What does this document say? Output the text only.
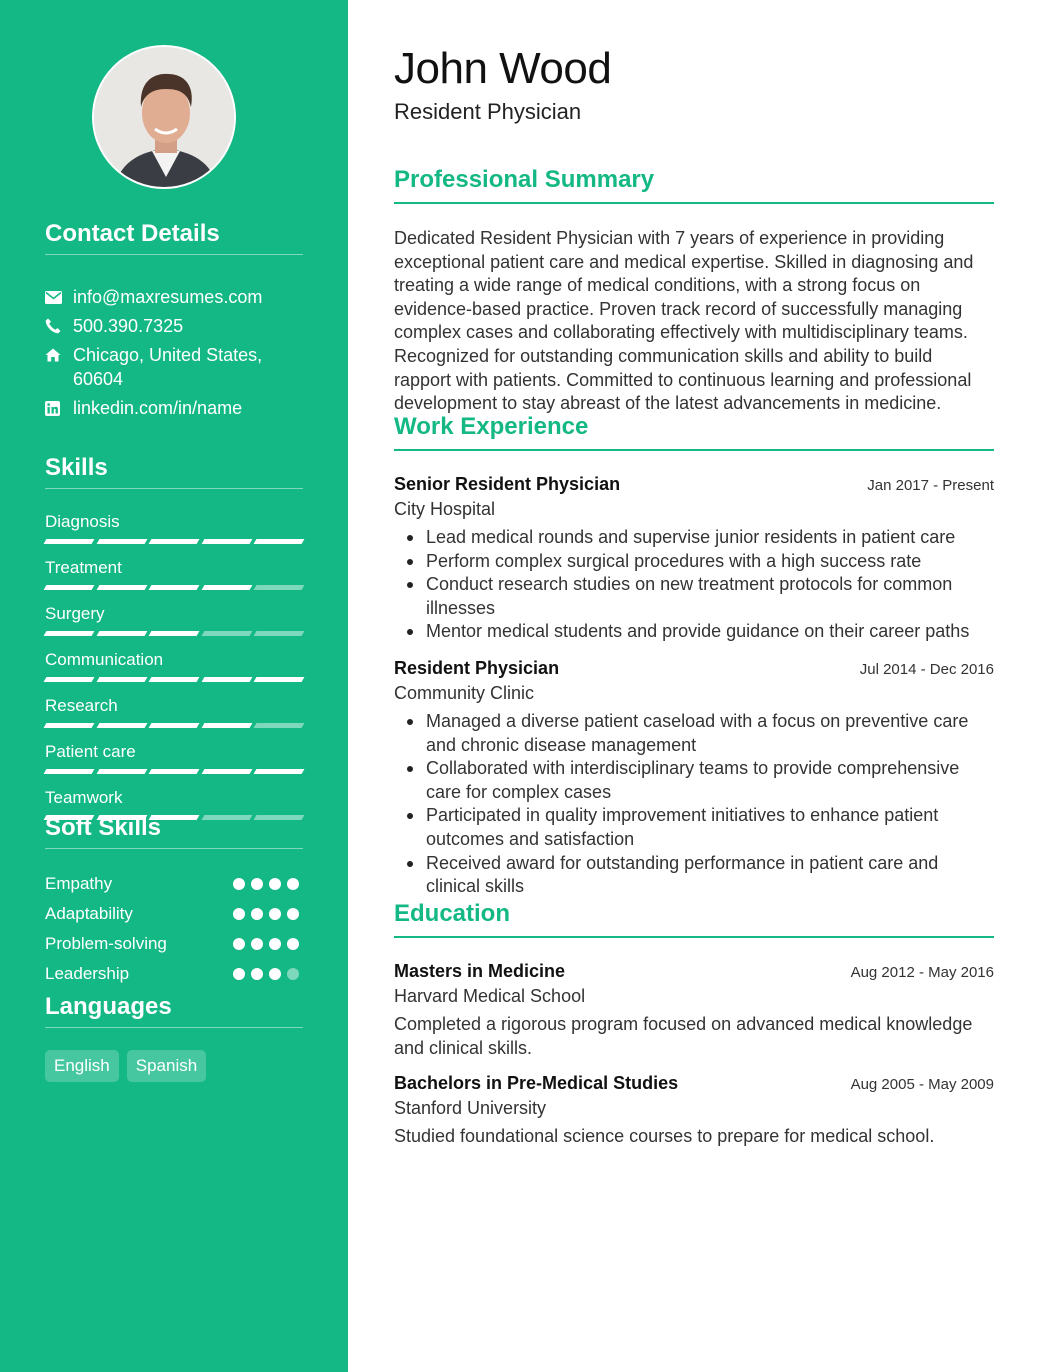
Contact Details
info@maxresumes.com
500.390.7325
Chicago, United States, 60604
linkedin.com/in/name
Skills
Diagnosis
Treatment
Surgery
Communication
Research
Patient care
Teamwork
Soft Skills
Empathy
Adaptability
Problem-solving
Leadership
Languages
English	Spanish
John Wood
Resident Physician
Professional Summary

Dedicated Resident Physician with 7 years of experience in providing exceptional patient care and medical expertise. Skilled in diagnosing and treating a wide range of medical conditions, with a strong focus on evidence-based practice. Proven track record of successfully managing complex cases and collaborating effectively with multidisciplinary teams. Recognized for outstanding communication skills and ability to build rapport with patients. Committed to continuous learning and professional development to stay abreast of the latest advancements in medicine.

Work Experience
Senior Resident Physician	Jan 2017 - Present
City Hospital
Lead medical rounds and supervise junior residents in patient care
Perform complex surgical procedures with a high success rate
Conduct research studies on new treatment protocols for common illnesses
Mentor medical students and provide guidance on their career paths
Resident Physician	Jul 2014 - Dec 2016
Community Clinic
Managed a diverse patient caseload with a focus on preventive care and chronic disease management
Collaborated with interdisciplinary teams to provide comprehensive care for complex cases
Participated in quality improvement initiatives to enhance patient outcomes and satisfaction
Received award for outstanding performance in patient care and clinical skills
Education
Masters in Medicine	Aug 2012 - May 2016
Harvard Medical School

Completed a rigorous program focused on advanced medical knowledge and clinical skills.

Bachelors in Pre-Medical Studies	Aug 2005 - May 2009
Stanford University

Studied foundational science courses to prepare for medical school.
